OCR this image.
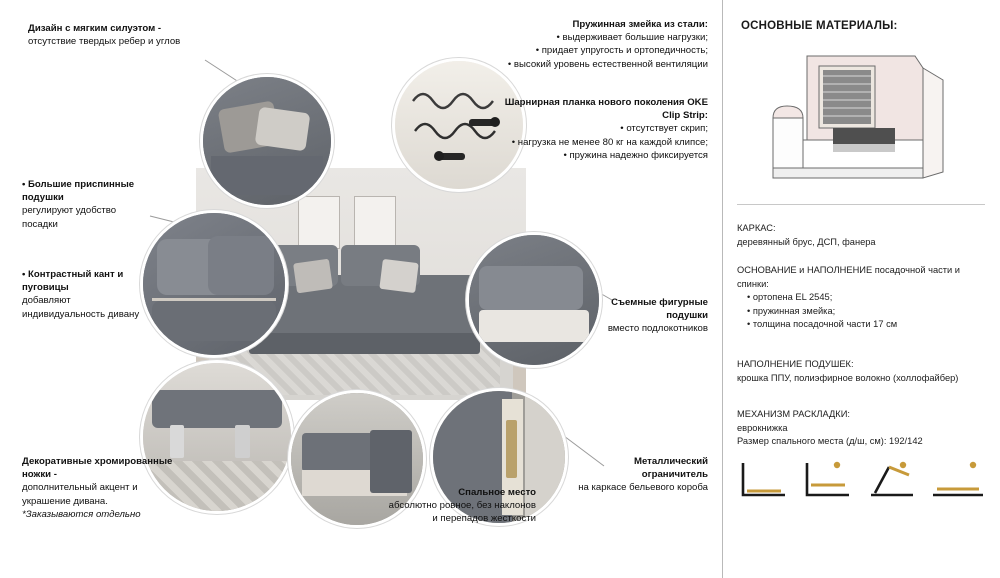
Дизайн с мягким силуэтом -
отсутствие твердых ребер и углов
• Большие приспинные подушки
регулируют удобство посадки
• Контрастный кант и пуговицы
добавляют индивидуальность дивану
Декоративные хромированные ножки -
дополнительный акцент и украшение дивана.
*Заказываются отдельно
Пружинная змейка из стали:
• выдерживает большие нагрузки;
• придает упругость и ортопедичность;
• высокий уровень естественной вентиляции
Шарнирная планка нового поколения OKE Clip Strip:
• отсутствует скрип;
• нагрузка не менее 80 кг на каждой клипсе;
• пружина надежно фиксируется
Съемные фигурные подушки
вместо подлокотников
Металлический ограничитель
на каркасе бельевого короба
Спальное место
абсолютно ровное, без наклонов и перепадов жесткости
ОСНОВНЫЕ МАТЕРИАЛЫ:
КАРКАС:
деревянный брус, ДСП, фанера
ОСНОВАНИЕ и НАПОЛНЕНИЕ посадочной части и спинки:
• ортопена EL 2545;
• пружинная змейка;
• толщина посадочной части 17 см
НАПОЛНЕНИЕ ПОДУШЕК:
крошка ППУ, полиэфирное волокно (холлофайбер)
МЕХАНИЗМ РАСКЛАДКИ:
еврокнижка
Размер спального места (д/ш, см): 192/142
